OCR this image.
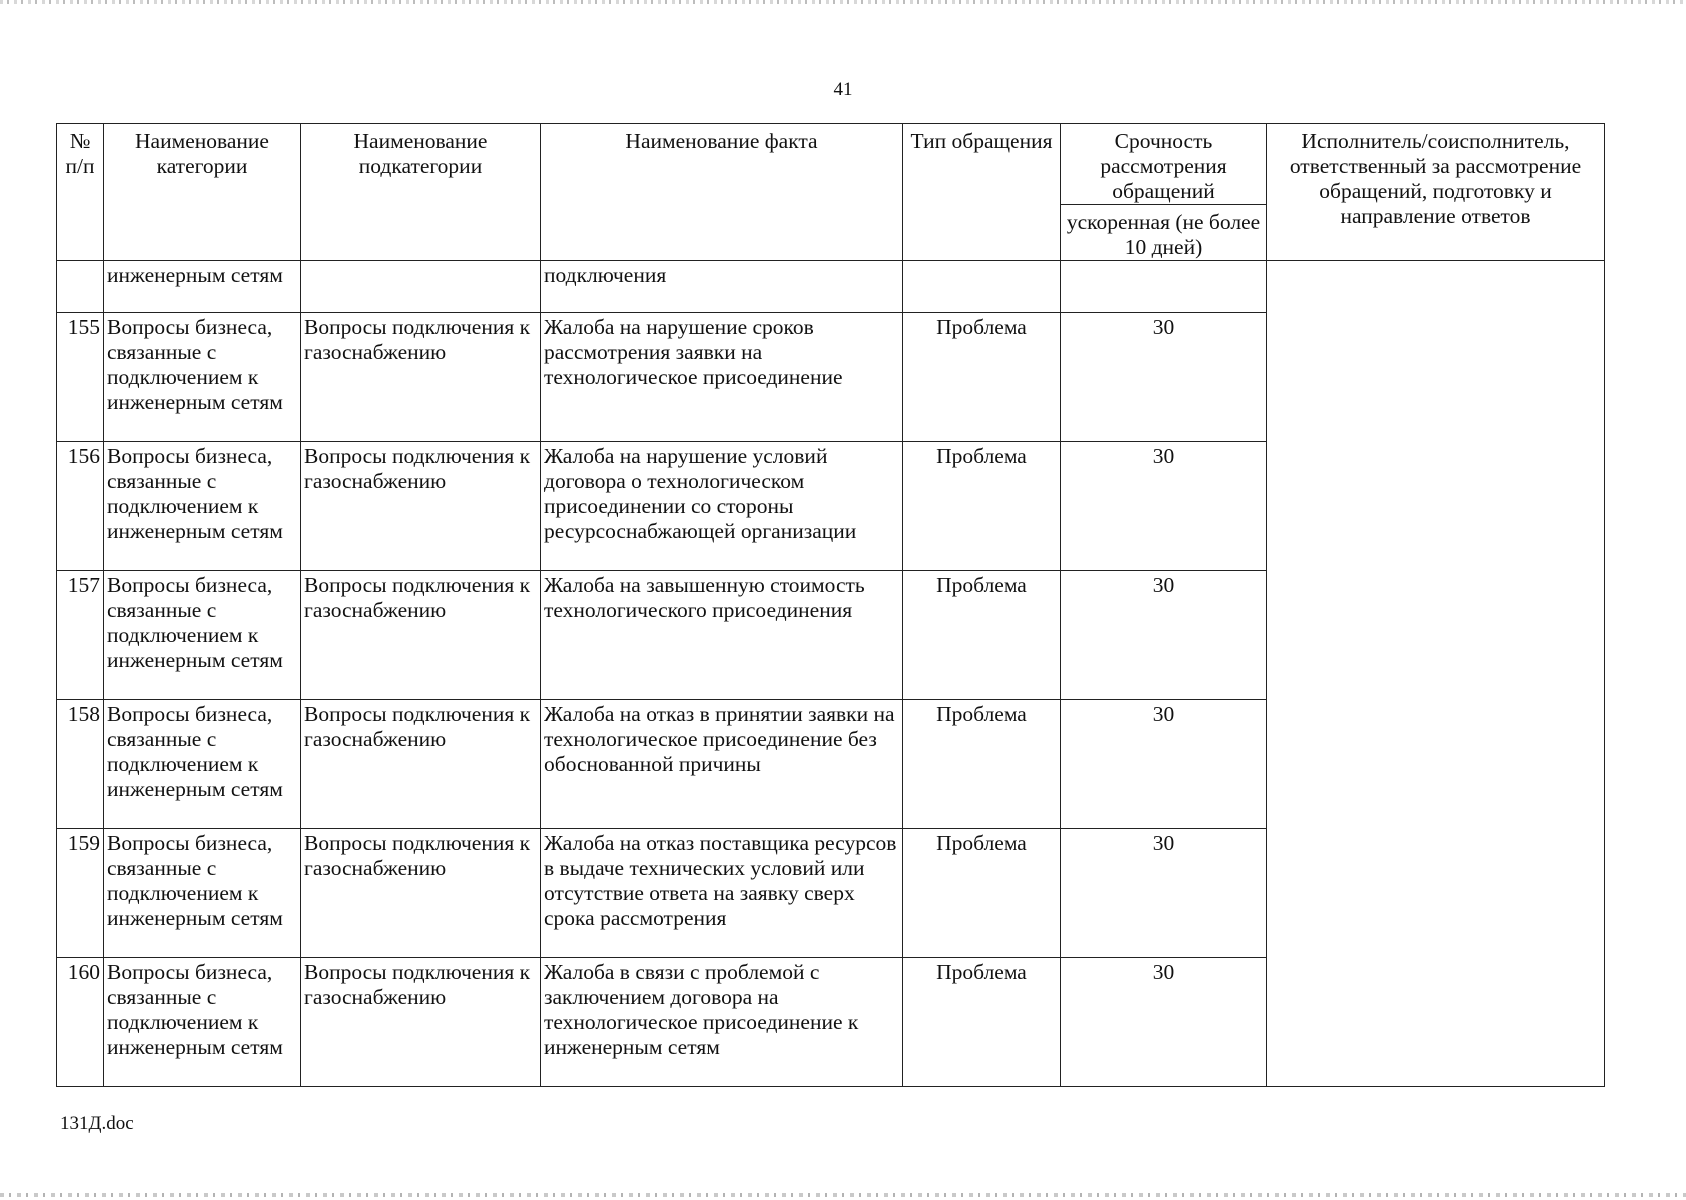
41
№ п/п	Наименование категории	Наименование подкатегории	Наименование факта	Тип обращения	Срочность рассмотрения обращений	Исполнитель/соисполнитель, ответственный за рассмотрение обращений, подготовку и направление ответов
					ускоренная (не более 10 дней)	
	инженерным сетям		подключения			
155	Вопросы бизнеса, связанные с подключением к инженерным сетям	Вопросы подключения к газоснабжению	Жалоба на нарушение сроков рассмотрения заявки на технологическое присоединение	Проблема	30	
156	Вопросы бизнеса, связанные с подключением к инженерным сетям	Вопросы подключения к газоснабжению	Жалоба на нарушение условий договора о технологическом присоединении со стороны ресурсоснабжающей организации	Проблема	30	
157	Вопросы бизнеса, связанные с подключением к инженерным сетям	Вопросы подключения к газоснабжению	Жалоба на завышенную стоимость технологического присоединения	Проблема	30	
158	Вопросы бизнеса, связанные с подключением к инженерным сетям	Вопросы подключения к газоснабжению	Жалоба на отказ в принятии заявки на технологическое присоединение без обоснованной причины	Проблема	30	
159	Вопросы бизнеса, связанные с подключением к инженерным сетям	Вопросы подключения к газоснабжению	Жалоба на отказ поставщика ресурсов в выдаче технических условий или отсутствие ответа на заявку сверх срока рассмотрения	Проблема	30	
160	Вопросы бизнеса, связанные с подключением к инженерным сетям	Вопросы подключения к газоснабжению	Жалоба в связи с проблемой с заключением договора на технологическое присоединение к инженерным сетям	Проблема	30	
131Д.doc
